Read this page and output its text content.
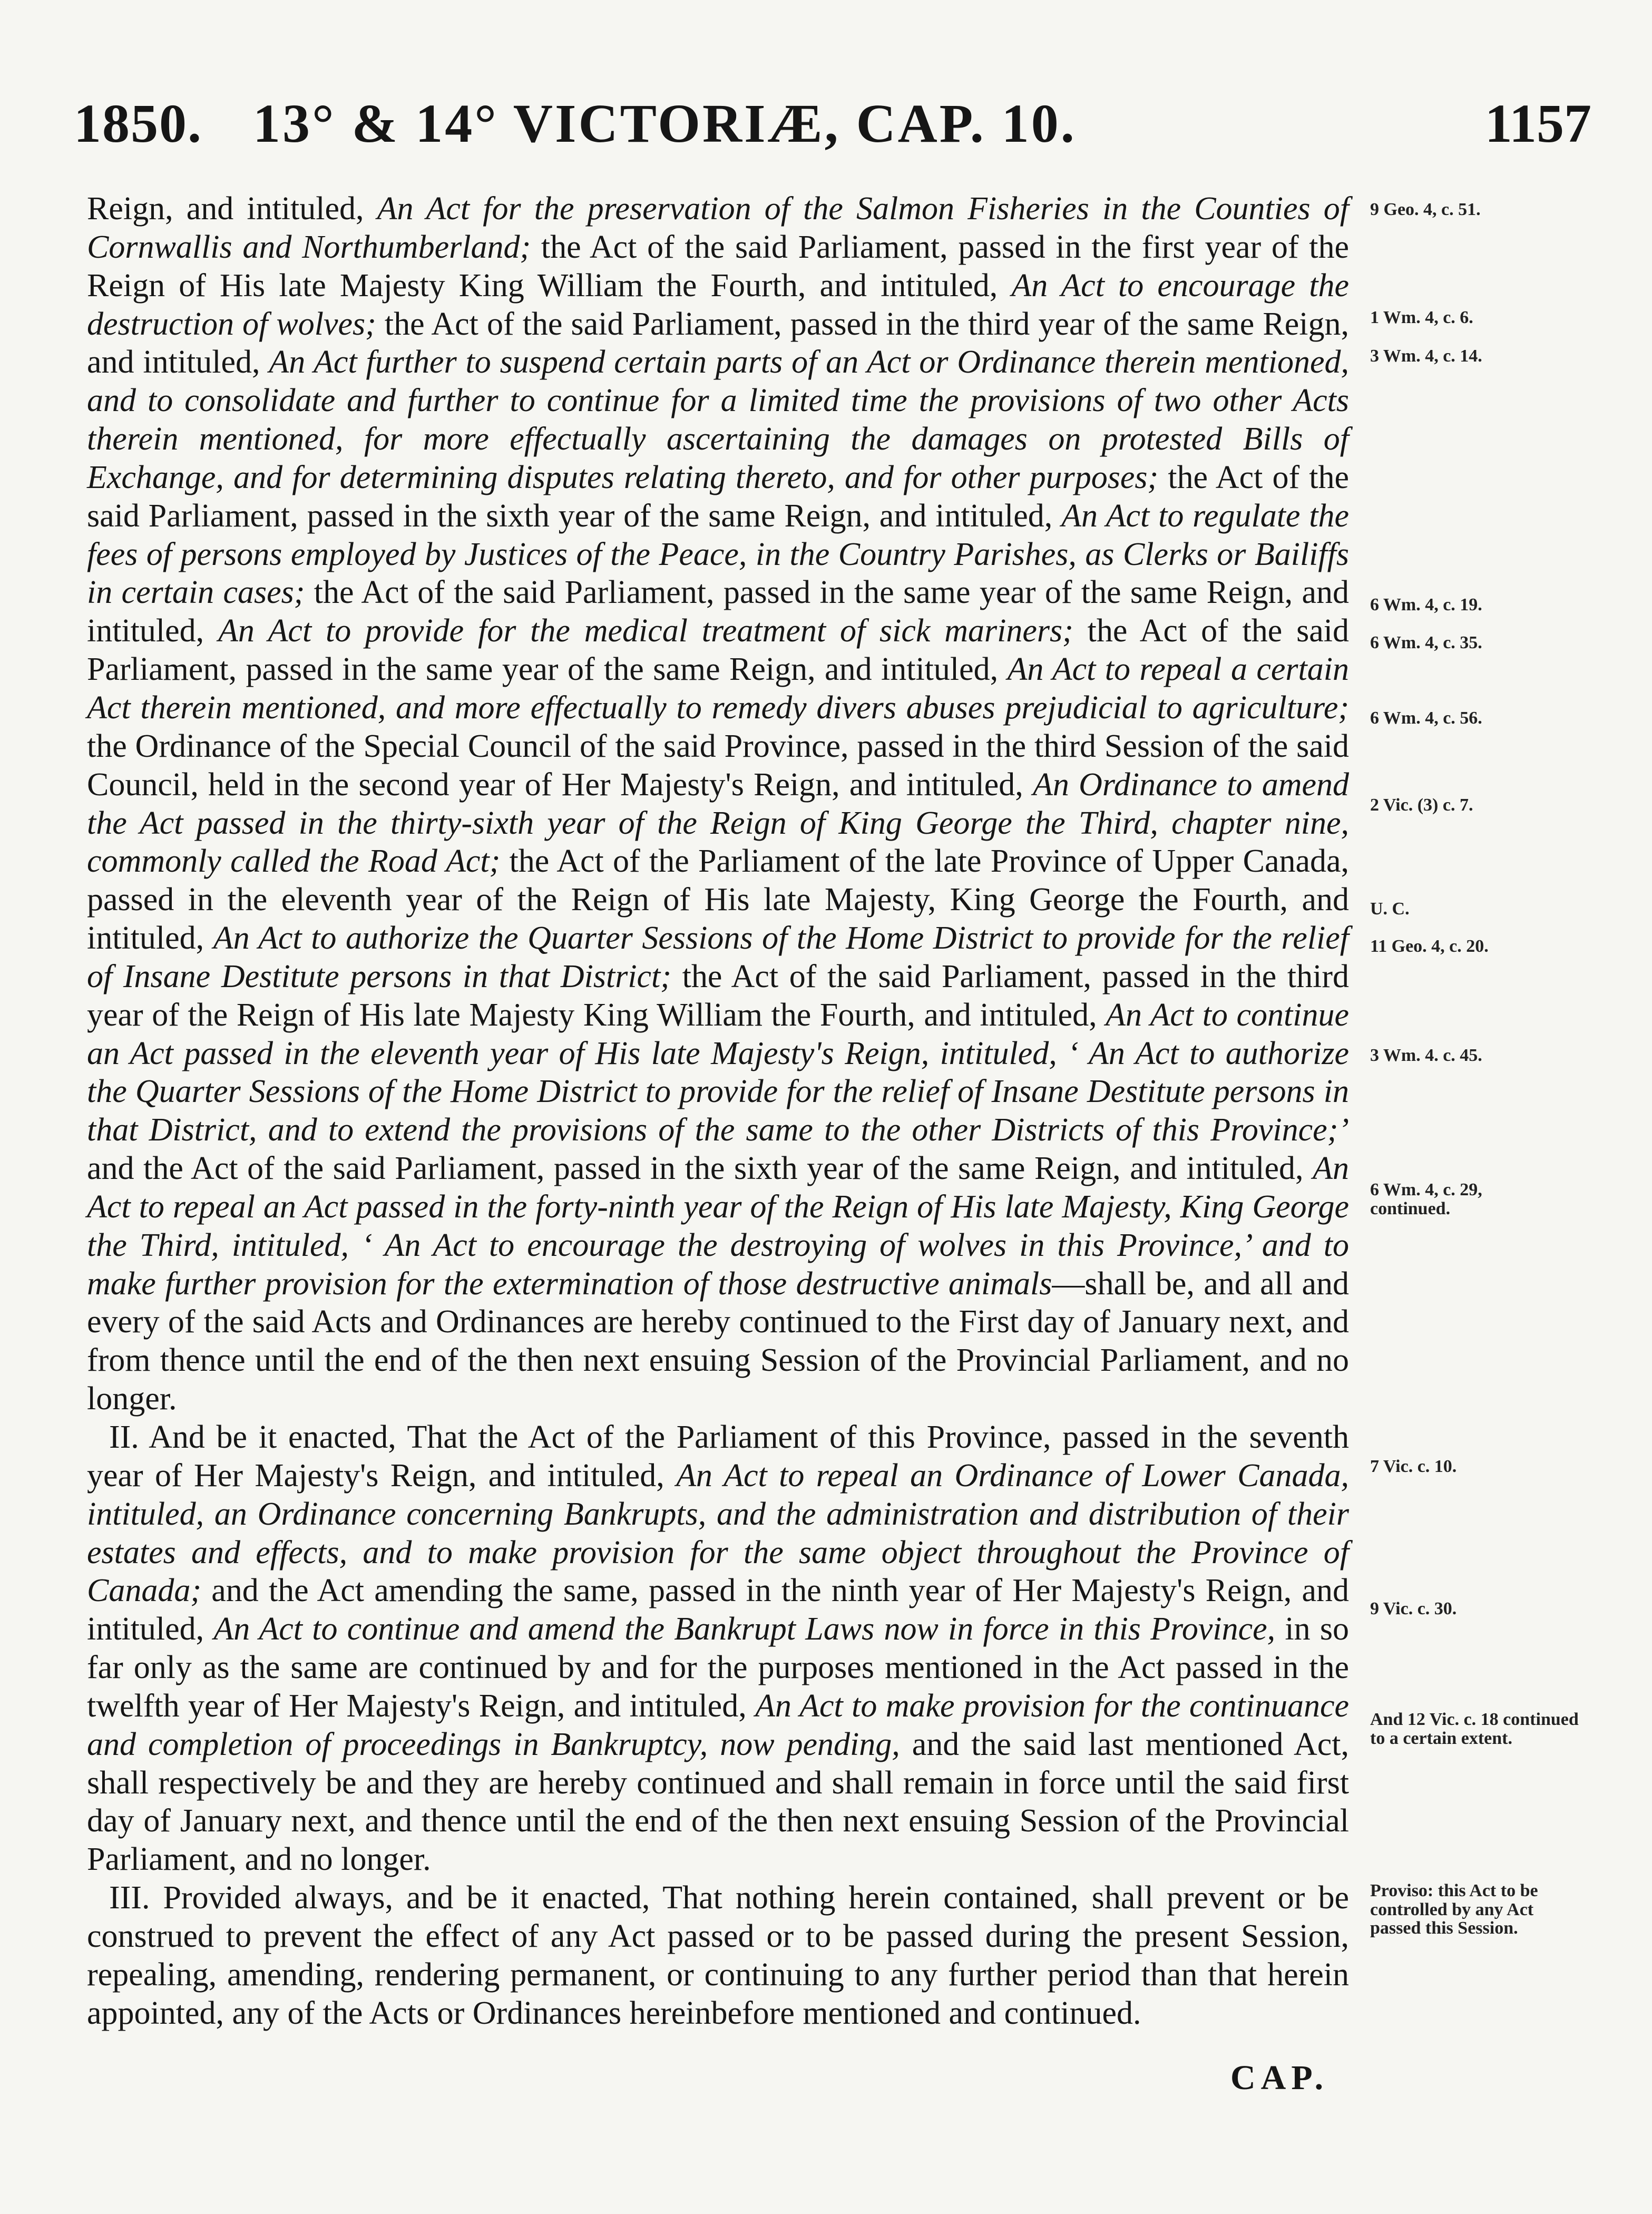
1850. 13° & 14° VICTORIÆ, CAP. 10.	1157

Reign, and intituled, An Act for the preservation of the Salmon Fisheries in the Counties of Cornwallis and Northumberland; the Act of the said Parliament, passed in the first year of the Reign of His late Majesty King William the Fourth, and intituled, An Act to encourage the destruction of wolves; the Act of the said Parliament, passed in the third year of the same Reign, and intituled, An Act further to suspend certain parts of an Act or Ordinance therein mentioned, and to consolidate and further to continue for a limited time the provisions of two other Acts therein mentioned, for more effectually ascertaining the damages on protested Bills of Exchange, and for determining disputes relating thereto, and for other purposes; the Act of the said Parliament, passed in the sixth year of the same Reign, and intituled, An Act to regulate the fees of persons employed by Justices of the Peace, in the Country Parishes, as Clerks or Bailiffs in certain cases; the Act of the said Parliament, passed in the same year of the same Reign, and intituled, An Act to provide for the medical treatment of sick mariners; the Act of the said Parliament, passed in the same year of the same Reign, and intituled, An Act to repeal a certain Act therein mentioned, and more effectually to remedy divers abuses prejudicial to agriculture; the Ordinance of the Special Council of the said Province, passed in the third Session of the said Council, held in the second year of Her Majesty's Reign, and intituled, An Ordinance to amend the Act passed in the thirty-sixth year of the Reign of King George the Third, chapter nine, commonly called the Road Act; the Act of the Parliament of the late Province of Upper Canada, passed in the eleventh year of the Reign of His late Majesty, King George the Fourth, and intituled, An Act to authorize the Quarter Sessions of the Home District to provide for the relief of Insane Destitute persons in that District; the Act of the said Parliament, passed in the third year of the Reign of His late Majesty King William the Fourth, and intituled, An Act to continue an Act passed in the eleventh year of His late Majesty's Reign, intituled, ‘ An Act to authorize the Quarter Sessions of the Home District to provide for the relief of Insane Destitute persons in that District, and to extend the provisions of the same to the other Districts of this Province;’ and the Act of the said Parliament, passed in the sixth year of the same Reign, and intituled, An Act to repeal an Act passed in the forty-ninth year of the Reign of His late Majesty, King George the Third, intituled, ‘ An Act to encourage the destroying of wolves in this Province,’ and to make further provision for the extermination of those destructive animals—shall be, and all and every of the said Acts and Ordinances are hereby continued to the First day of January next, and from thence until the end of the then next ensuing Session of the Provincial Parliament, and no longer.

II. And be it enacted, That the Act of the Parliament of this Province, passed in the seventh year of Her Majesty's Reign, and intituled, An Act to repeal an Ordinance of Lower Canada, intituled, an Ordinance concerning Bankrupts, and the administration and distribution of their estates and effects, and to make provision for the same object throughout the Province of Canada; and the Act amending the same, passed in the ninth year of Her Majesty's Reign, and intituled, An Act to continue and amend the Bankrupt Laws now in force in this Province, in so far only as the same are continued by and for the purposes mentioned in the Act passed in the twelfth year of Her Majesty's Reign, and intituled, An Act to make provision for the continuance and completion of proceedings in Bankruptcy, now pending, and the said last mentioned Act, shall respectively be and they are hereby continued and shall remain in force until the said first day of January next, and thence until the end of the then next ensuing Session of the Provincial Parliament, and no longer.

III. Provided always, and be it enacted, That nothing herein contained, shall prevent or be construed to prevent the effect of any Act passed or to be passed during the present Session, repealing, amending, rendering permanent, or continuing to any further period than that herein appointed, any of the Acts or Ordinances hereinbefore mentioned and continued.

9 Geo. 4, c. 51.
1 Wm. 4, c. 6.
3 Wm. 4, c. 14.
6 Wm. 4, c. 19.
6 Wm. 4, c. 35.
6 Wm. 4, c. 56.
2 Vic. (3) c. 7.
U. C.
11 Geo. 4, c. 20.
3 Wm. 4. c. 45.
6 Wm. 4, c. 29, continued.
7 Vic. c. 10.
9 Vic. c. 30.
And 12 Vic. c. 18 continued to a certain extent.
Proviso: this Act to be controlled by any Act passed this Session.
CAP.
